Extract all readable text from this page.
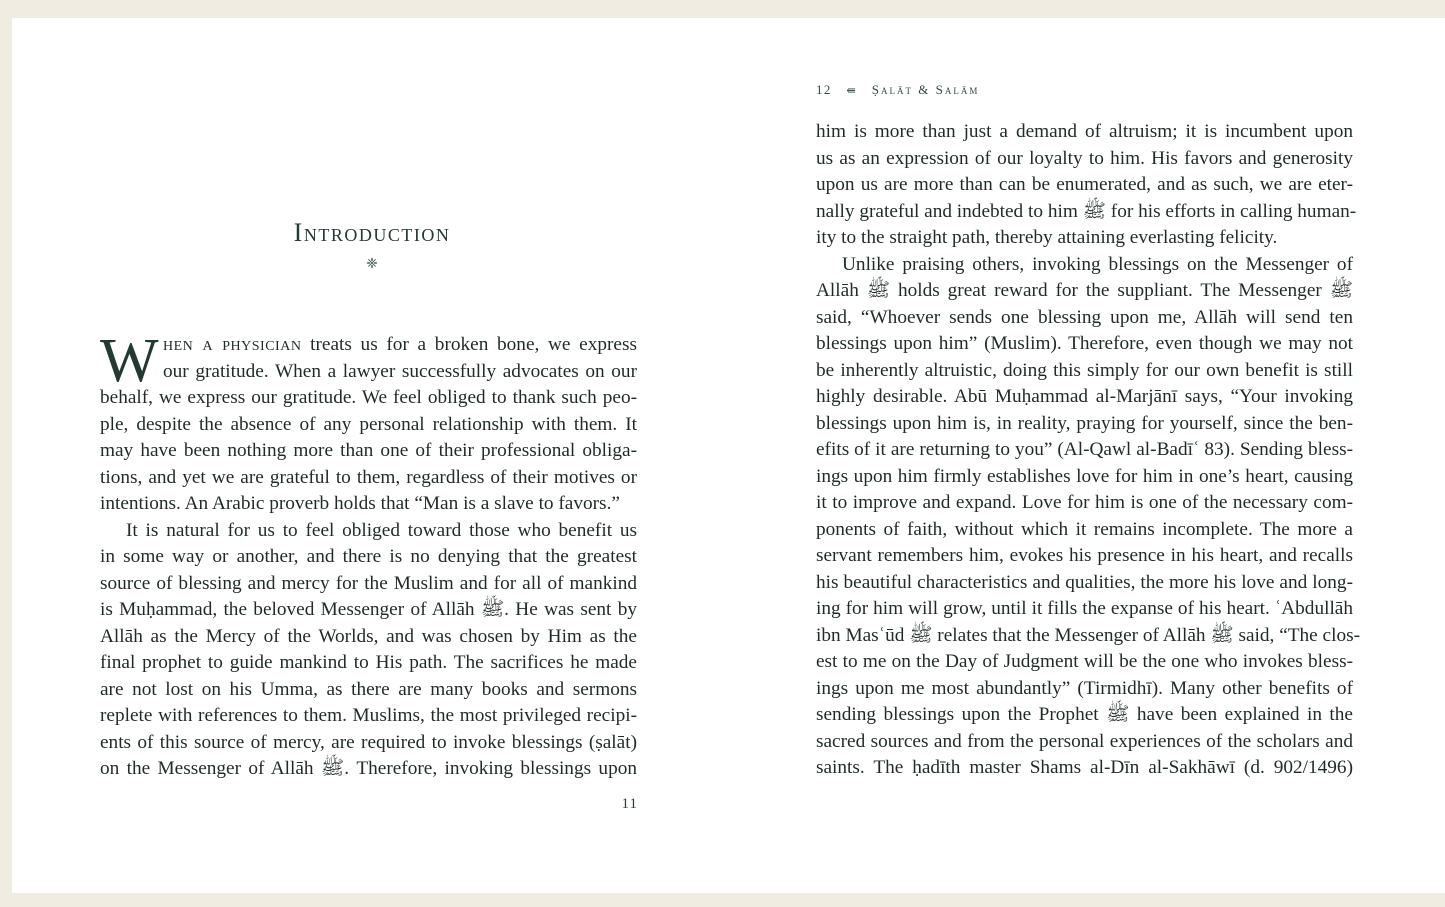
Introduction
❈
W hen a physician treats us for a broken bone, we express
our gratitude. When a lawyer successfully advocates on our
behalf, we express our gratitude. We feel obliged to thank such peo-
ple, despite the absence of any personal relationship with them. It
may have been nothing more than one of their professional obliga-
tions, and yet we are grateful to them, regardless of their motives or
intentions. An Arabic proverb holds that “Man is a slave to favors.”
It is natural for us to feel obliged toward those who benefit us
in some way or another, and there is no denying that the greatest
source of blessing and mercy for the Muslim and for all of mankind
is Muḥammad, the beloved Messenger of Allāh ﷺ. He was sent by
Allāh as the Mercy of the Worlds, and was chosen by Him as the
final prophet to guide mankind to His path. The sacrifices he made
are not lost on his Umma, as there are many books and sermons
replete with references to them. Muslims, the most privileged recipi-
ents of this source of mercy, are required to invoke blessings (ṣalāt)
on the Messenger of Allāh ﷺ. Therefore, invoking blessings upon
11
12 ⇚ Ṣalāt & Salām
him is more than just a demand of altruism; it is incumbent upon
us as an expression of our loyalty to him. His favors and generosity
upon us are more than can be enumerated, and as such, we are eter-
nally grateful and indebted to him ﷺ for his efforts in calling human-
ity to the straight path, thereby attaining everlasting felicity.
Unlike praising others, invoking blessings on the Messenger of
Allāh ﷺ holds great reward for the suppliant. The Messenger ﷺ
said, “Whoever sends one blessing upon me, Allāh will send ten
blessings upon him” (Muslim). Therefore, even though we may not
be inherently altruistic, doing this simply for our own benefit is still
highly desirable. Abū Muḥammad al-Marjānī says, “Your invoking
blessings upon him is, in reality, praying for yourself, since the ben-
efits of it are returning to you” (Al-Qawl al-Badīʿ 83). Sending bless-
ings upon him firmly establishes love for him in one’s heart, causing
it to improve and expand. Love for him is one of the necessary com-
ponents of faith, without which it remains incomplete. The more a
servant remembers him, evokes his presence in his heart, and recalls
his beautiful characteristics and qualities, the more his love and long-
ing for him will grow, until it fills the expanse of his heart. ʿAbdullāh
ibn Masʿūd ﷺ relates that the Messenger of Allāh ﷺ said, “The clos-
est to me on the Day of Judgment will be the one who invokes bless-
ings upon me most abundantly” (Tirmidhī). Many other benefits of
sending blessings upon the Prophet ﷺ have been explained in the
sacred sources and from the personal experiences of the scholars and
saints. The ḥadīth master Shams al-Dīn al-Sakhāwī (d. 902/1496)
